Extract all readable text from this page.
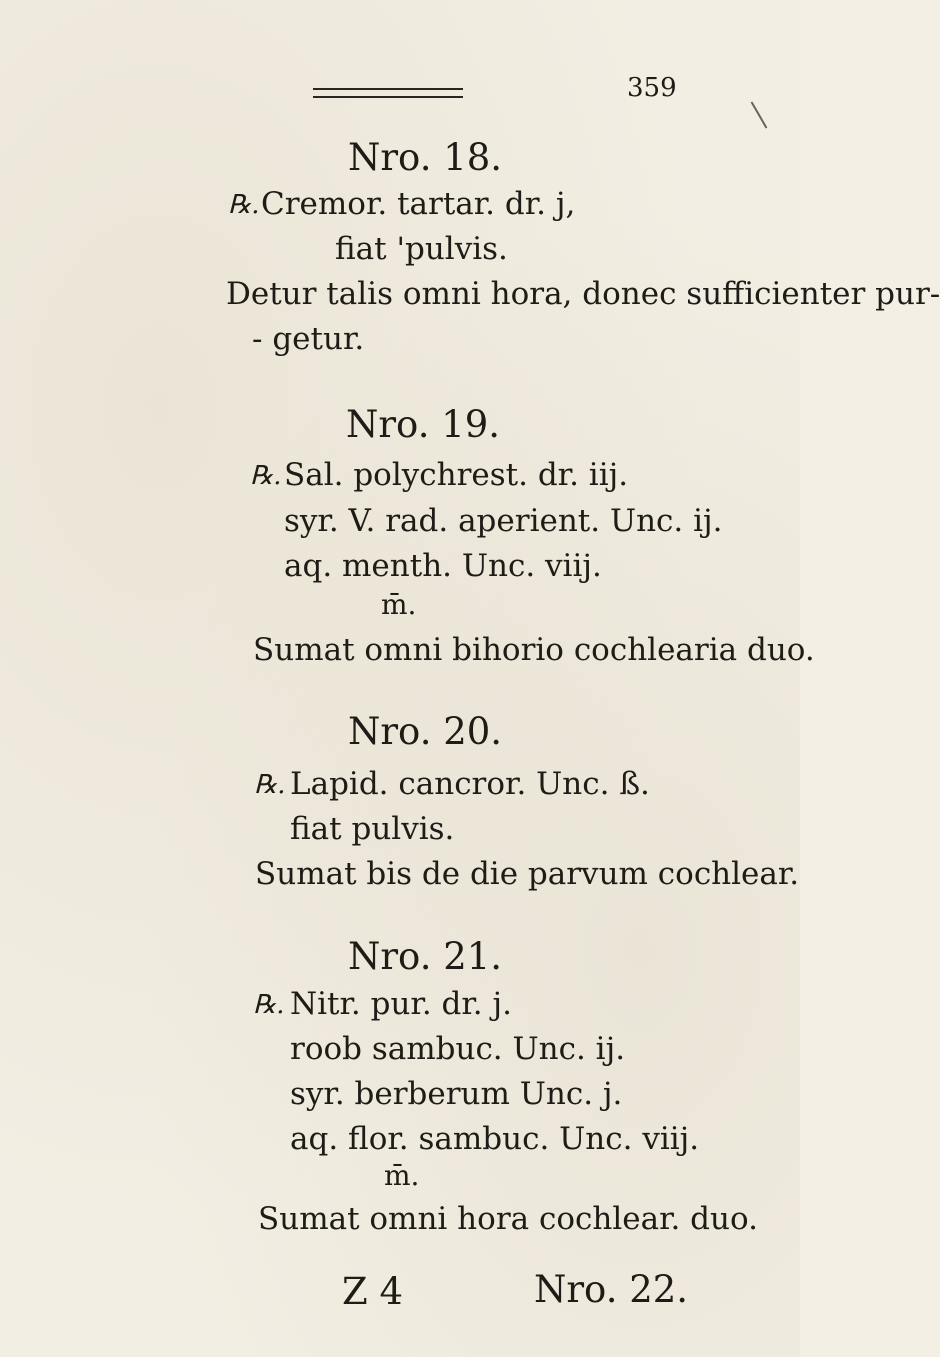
359
Nro. 18.
℞. Cremor. tartar. dr. j,
fiat 'pulvis.
Detur talis omni hora, donec sufficienter pur-
- getur.
Nro. 19.
℞. Sal. polychrest. dr. iij.
syr. V. rad. aperient. Unc. ij.
aq. menth. Unc. viij.
m̄.
Sumat omni bihorio cochlearia duo.
Nro. 20.
℞. Lapid. cancror. Unc. ß.
fiat pulvis.
Sumat bis de die parvum cochlear.
Nro. 21.
℞. Nitr. pur. dr. j.
roob sambuc. Unc. ij.
syr. berberum Unc. j.
aq. flor. sambuc. Unc. viij.
m̄.
Sumat omni hora cochlear. duo.
Z 4	Nro. 22.
